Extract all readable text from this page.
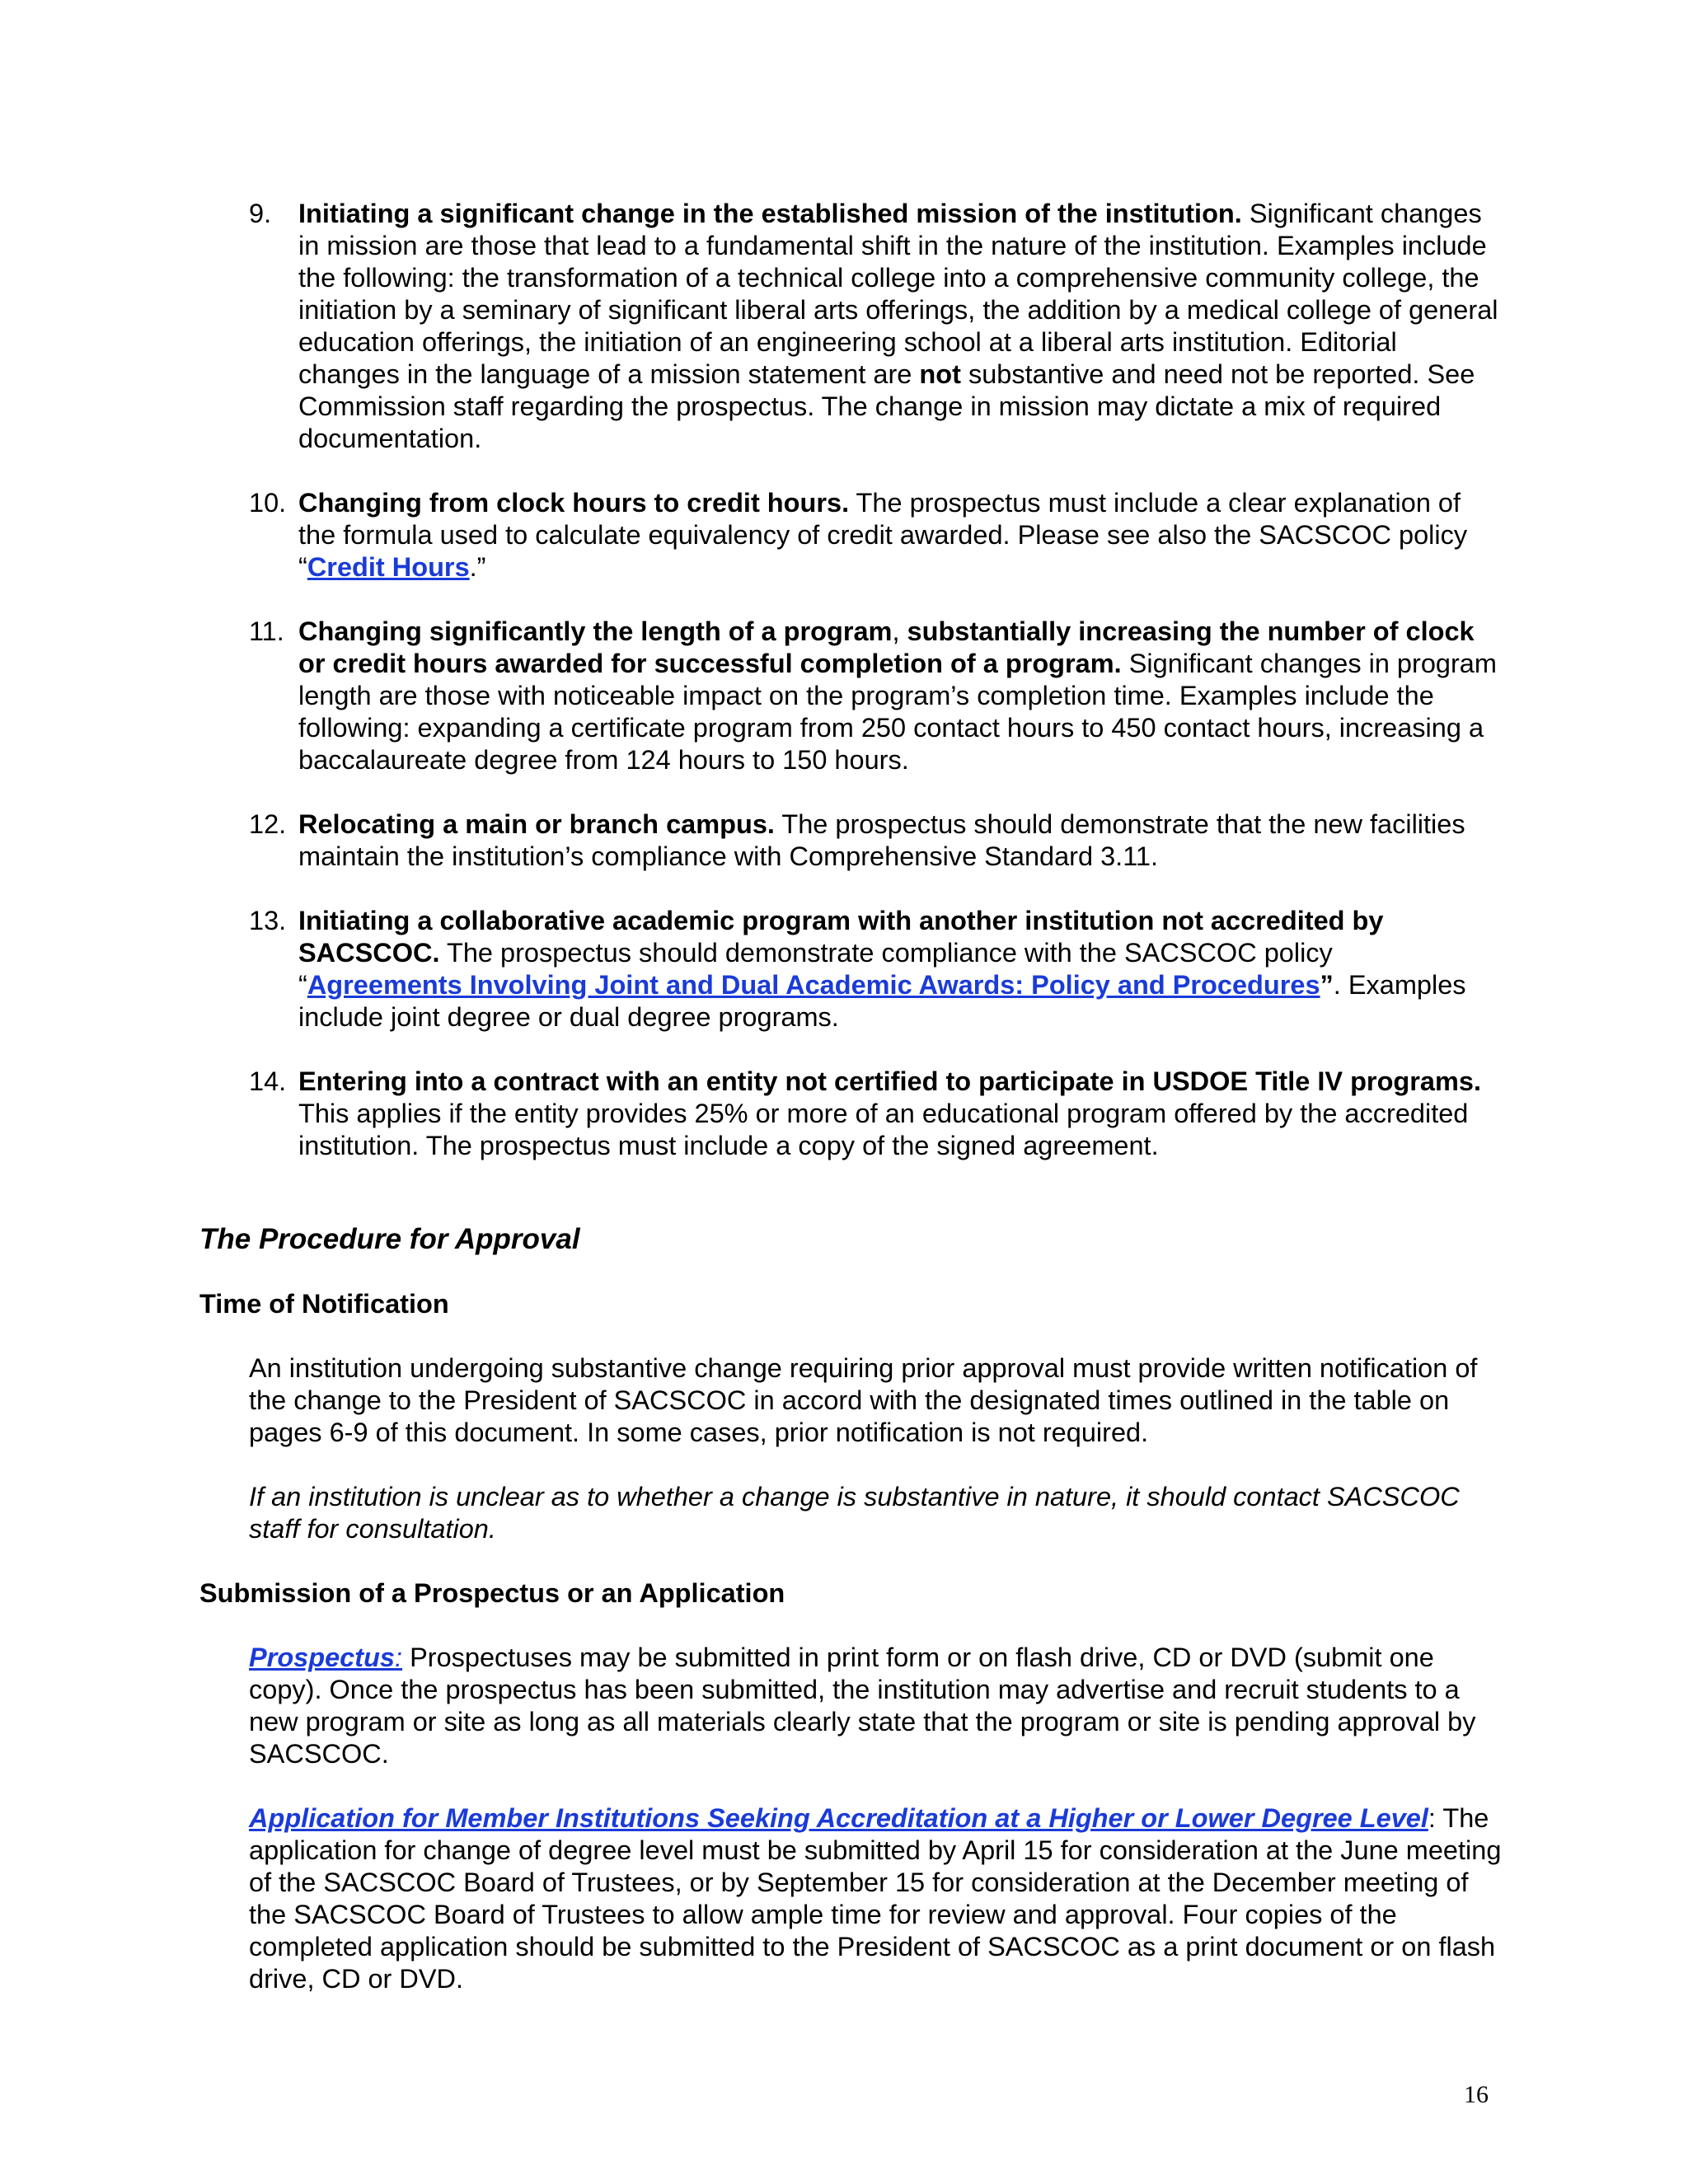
9. Initiating a significant change in the established mission of the institution. Significant changes in mission are those that lead to a fundamental shift in the nature of the institution. Examples include the following: the transformation of a technical college into a comprehensive community college, the initiation by a seminary of significant liberal arts offerings, the addition by a medical college of general education offerings, the initiation of an engineering school at a liberal arts institution. Editorial changes in the language of a mission statement are not substantive and need not be reported. See Commission staff regarding the prospectus. The change in mission may dictate a mix of required documentation.

10. Changing from clock hours to credit hours. The prospectus must include a clear explanation of the formula used to calculate equivalency of credit awarded. Please see also the SACSCOC policy “Credit Hours.”

11. Changing significantly the length of a program, substantially increasing the number of clock or credit hours awarded for successful completion of a program. Significant changes in program length are those with noticeable impact on the program’s completion time. Examples include the following: expanding a certificate program from 250 contact hours to 450 contact hours, increasing a baccalaureate degree from 124 hours to 150 hours.

12. Relocating a main or branch campus. The prospectus should demonstrate that the new facilities maintain the institution’s compliance with Comprehensive Standard 3.11.

13. Initiating a collaborative academic program with another institution not accredited by SACSCOC. The prospectus should demonstrate compliance with the SACSCOC policy “Agreements Involving Joint and Dual Academic Awards: Policy and Procedures”. Examples include joint degree or dual degree programs.

14. Entering into a contract with an entity not certified to participate in USDOE Title IV programs. This applies if the entity provides 25% or more of an educational program offered by the accredited institution. The prospectus must include a copy of the signed agreement.

The Procedure for Approval
Time of Notification

An institution undergoing substantive change requiring prior approval must provide written notification of the change to the President of SACSCOC in accord with the designated times outlined in the table on pages 6-9 of this document. In some cases, prior notification is not required.

If an institution is unclear as to whether a change is substantive in nature, it should contact SACSCOC staff for consultation.

Submission of a Prospectus or an Application

Prospectus: Prospectuses may be submitted in print form or on flash drive, CD or DVD (submit one copy). Once the prospectus has been submitted, the institution may advertise and recruit students to a new program or site as long as all materials clearly state that the program or site is pending approval by SACSCOC.

Application for Member Institutions Seeking Accreditation at a Higher or Lower Degree Level: The application for change of degree level must be submitted by April 15 for consideration at the June meeting of the SACSCOC Board of Trustees, or by September 15 for consideration at the December meeting of the SACSCOC Board of Trustees to allow ample time for review and approval. Four copies of the completed application should be submitted to the President of SACSCOC as a print document or on flash drive, CD or DVD.

16
